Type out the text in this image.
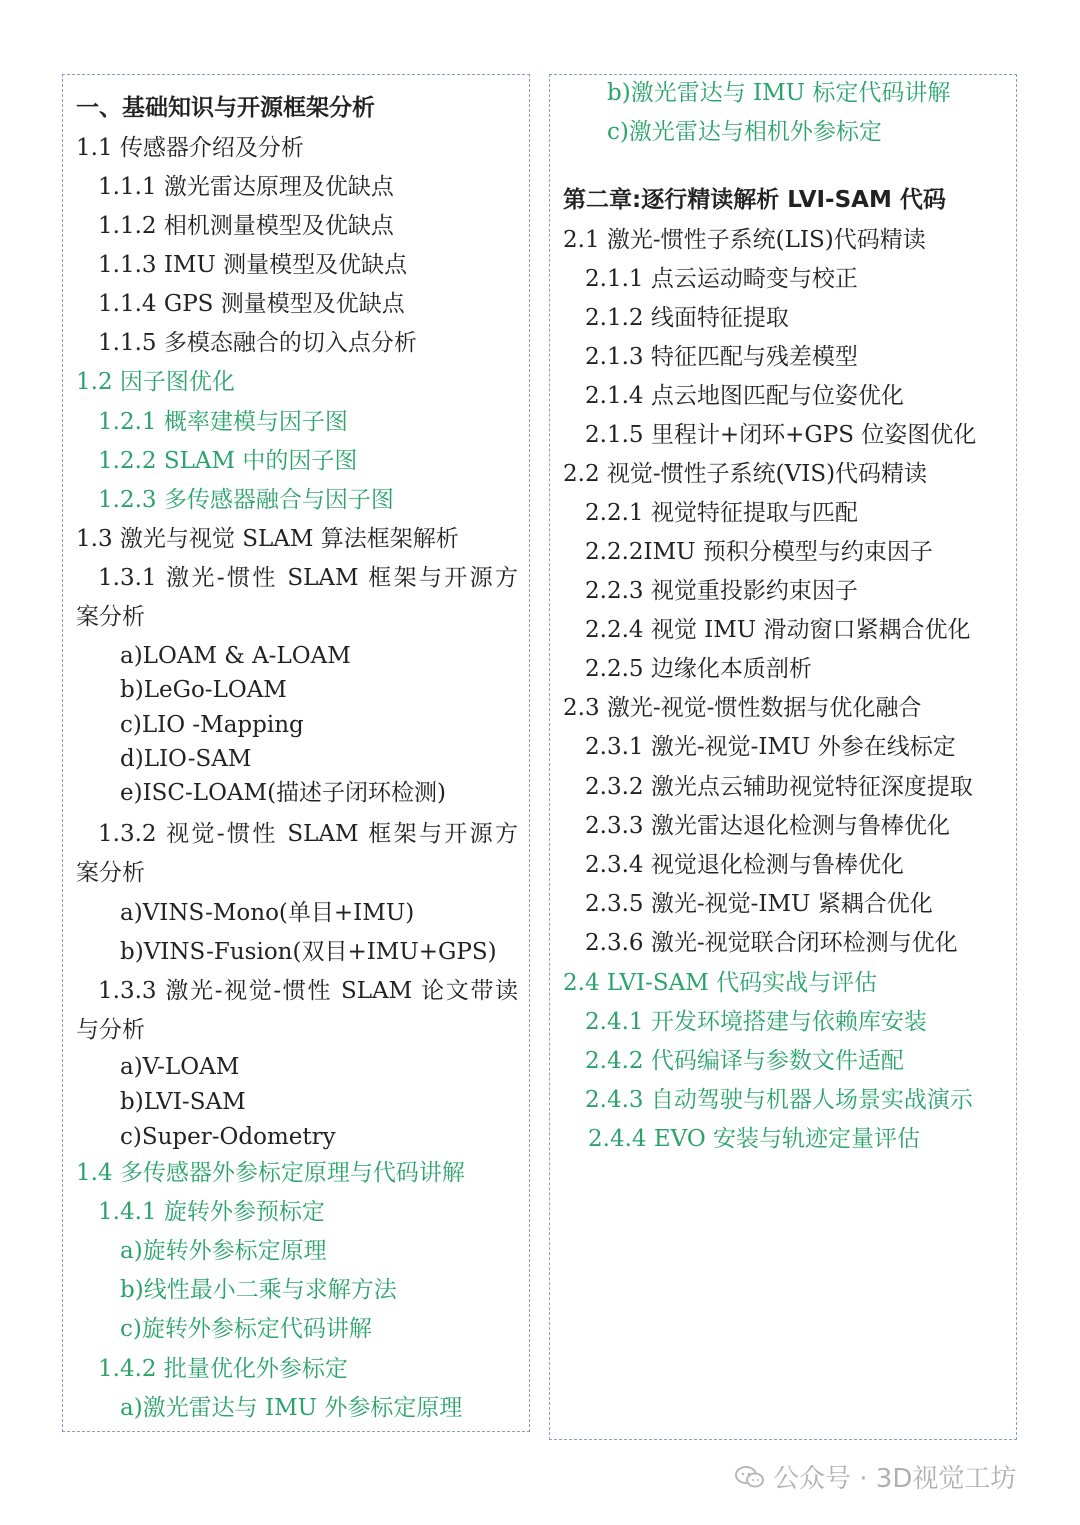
一、基础知识与开源框架分析
1.1 传感器介绍及分析
1.1.1 激光雷达原理及优缺点
1.1.2 相机测量模型及优缺点
1.1.3 IMU 测量模型及优缺点
1.1.4 GPS 测量模型及优缺点
1.1.5 多模态融合的切入点分析
1.2 因子图优化
1.2.1 概率建模与因子图
1.2.2 SLAM 中的因子图
1.2.3 多传感器融合与因子图
1.3 激光与视觉 SLAM 算法框架解析
1.3.1 激光-惯性 SLAM 框架与开源方
案分析
a)LOAM & A-LOAM
b)LeGo-LOAM
c)LIO -Mapping
d)LIO-SAM
e)ISC-LOAM(描述子闭环检测)
1.3.2 视觉-惯性 SLAM 框架与开源方
案分析
a)VINS-Mono(单目+IMU)
b)VINS-Fusion(双目+IMU+GPS)
1.3.3 激光-视觉-惯性 SLAM 论文带读
与分析
a)V-LOAM
b)LVI-SAM
c)Super-Odometry
1.4 多传感器外参标定原理与代码讲解
1.4.1 旋转外参预标定
a)旋转外参标定原理
b)线性最小二乘与求解方法
c)旋转外参标定代码讲解
1.4.2 批量优化外参标定
a)激光雷达与 IMU 外参标定原理
b)激光雷达与 IMU 标定代码讲解
c)激光雷达与相机外参标定
第二章:逐行精读解析 LVI-SAM 代码
2.1 激光-惯性子系统(LIS)代码精读
2.1.1 点云运动畸变与校正
2.1.2 线面特征提取
2.1.3 特征匹配与残差模型
2.1.4 点云地图匹配与位姿优化
2.1.5 里程计+闭环+GPS 位姿图优化
2.2 视觉-惯性子系统(VIS)代码精读
2.2.1 视觉特征提取与匹配
2.2.2IMU 预积分模型与约束因子
2.2.3 视觉重投影约束因子
2.2.4 视觉 IMU 滑动窗口紧耦合优化
2.2.5 边缘化本质剖析
2.3 激光-视觉-惯性数据与优化融合
2.3.1 激光-视觉-IMU 外参在线标定
2.3.2 激光点云辅助视觉特征深度提取
2.3.3 激光雷达退化检测与鲁棒优化
2.3.4 视觉退化检测与鲁棒优化
2.3.5 激光-视觉-IMU 紧耦合优化
2.3.6 激光-视觉联合闭环检测与优化
2.4 LVI-SAM 代码实战与评估
2.4.1 开发环境搭建与依赖库安装
2.4.2 代码编译与参数文件适配
2.4.3 自动驾驶与机器人场景实战演示
2.4.4 EVO 安装与轨迹定量评估
公众号 · 3D视觉工坊
